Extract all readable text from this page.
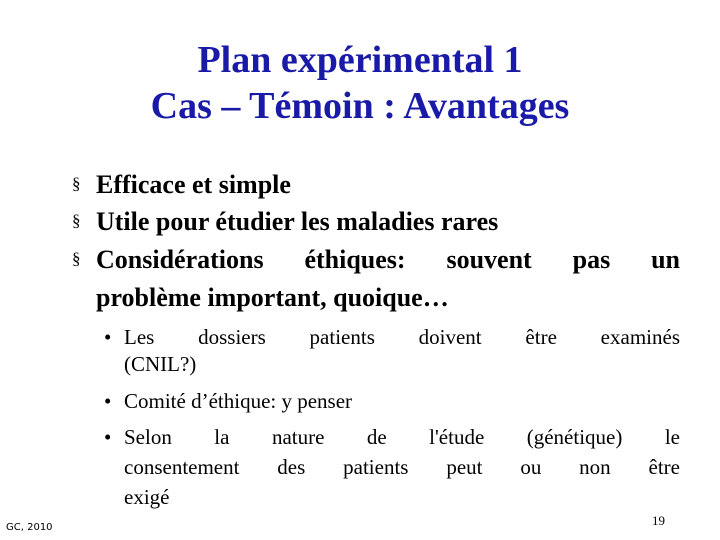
Plan expérimental 1
Cas – Témoin : Avantages
§ Efficace et simple
§ Utile pour étudier les maladies rares
§ Considérations éthiques: souvent pas un
problème important, quoique…
• Les dossiers patients doivent être examinés
(CNIL?)
• Comité d’éthique: y penser
• Selon la nature de l'étude (génétique) le
consentement des patients peut ou non être
exigé
GC, 2010	19
